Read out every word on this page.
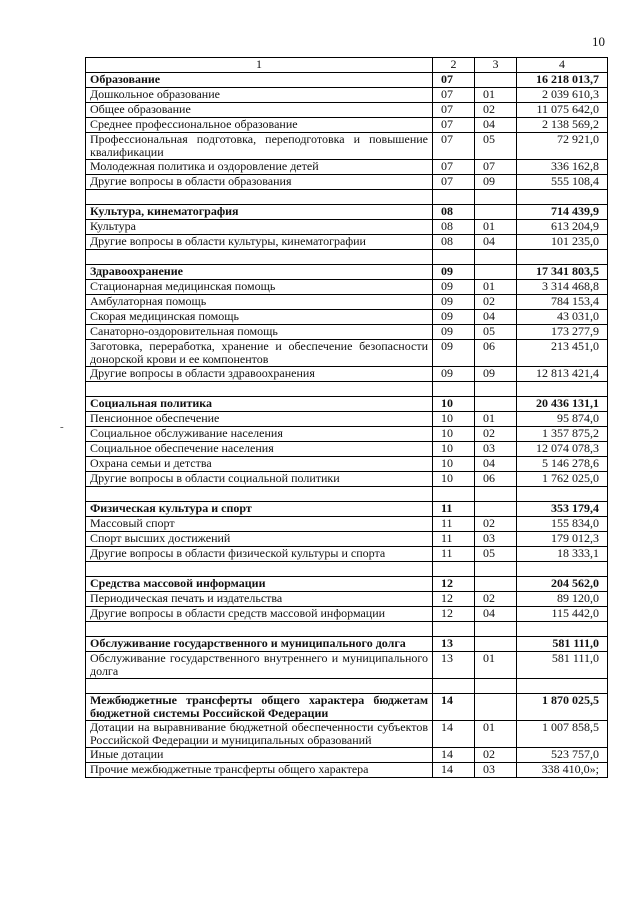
10
-
1	2	3	4
Образование	07		16 218 013,7
Дошкольное образование	07	01	2 039 610,3
Общее образование	07	02	11 075 642,0
Среднее профессиональное образование	07	04	2 138 569,2
Профессиональная подготовка, переподготовка и повышение квалификации	07	05	72 921,0
Молодежная политика и оздоровление детей	07	07	336 162,8
Другие вопросы в области образования	07	09	555 108,4

Культура, кинематография	08		714 439,9
Культура	08	01	613 204,9
Другие вопросы в области культуры, кинематографии	08	04	101 235,0

Здравоохранение	09		17 341 803,5
Стационарная медицинская помощь	09	01	3 314 468,8
Амбулаторная помощь	09	02	784 153,4
Скорая медицинская помощь	09	04	43 031,0
Санаторно-оздоровительная помощь	09	05	173 277,9
Заготовка, переработка, хранение и обеспечение безопасности донорской крови и ее компонентов	09	06	213 451,0
Другие вопросы в области здравоохранения	09	09	12 813 421,4

Социальная политика	10		20 436 131,1
Пенсионное обеспечение	10	01	95 874,0
Социальное обслуживание населения	10	02	1 357 875,2
Социальное обеспечение населения	10	03	12 074 078,3
Охрана семьи и детства	10	04	5 146 278,6
Другие вопросы в области социальной политики	10	06	1 762 025,0

Физическая культура и спорт	11		353 179,4
Массовый спорт	11	02	155 834,0
Спорт высших достижений	11	03	179 012,3
Другие вопросы в области физической культуры и спорта	11	05	18 333,1

Средства массовой информации	12		204 562,0
Периодическая печать и издательства	12	02	89 120,0
Другие вопросы в области средств массовой информации	12	04	115 442,0

Обслуживание государственного и муниципального долга	13		581 111,0
Обслуживание государственного внутреннего и муниципального долга	13	01	581 111,0

Межбюджетные трансферты общего характера бюджетам бюджетной системы Российской Федерации	14		1 870 025,5
Дотации на выравнивание бюджетной обеспеченности субъектов Российской Федерации и муниципальных образований	14	01	1 007 858,5
Иные дотации	14	02	523 757,0
Прочие межбюджетные трансферты общего характера	14	03	338 410,0»;
